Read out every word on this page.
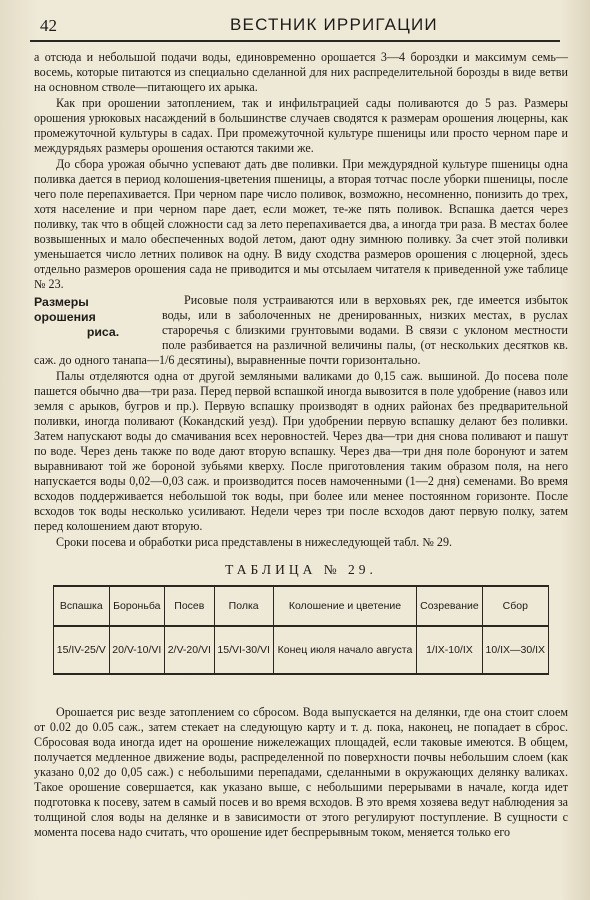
42	ВЕСТНИК ИРРИГАЦИИ

а отсюда и небольшой подачи воды, единовременно орошается 3—4 бороздки и максимум семь—восемь, которые питаются из специально сделанной для них распределительной борозды в виде ветви на основном стволе—питающего их арыка.

Как при орошении затоплением, так и инфильтрацией сады поливаются до 5 раз. Размеры орошения урюковых насаждений в большинстве случаев сводятся к размерам орошения люцерны, как промежуточной культуры в садах. При промежуточной культуре пшеницы или просто черном паре и междурядьях размеры орошения остаются такими же.

До сбора урожая обычно успевают дать две поливки. При междурядной культуре пшеницы одна поливка дается в период колошения-цветения пшеницы, а вторая тотчас после уборки пшеницы, после чего поле перепахивается. При черном паре число поливок, возможно, несомненно, понизить до трех, хотя население и при черном паре дает, если может, те-же пять поливок. Вспашка дается через поливку, так что в общей сложности сад за лето перепахивается два, а иногда три раза. В местах более возвышенных и мало обеспеченных водой летом, дают одну зимнюю поливку. За счет этой поливки уменьшается число летних поливок на одну. В виду сходства размеров орошения с люцерной, здесь отдельно размеров орошения сада не приводится и мы отсылаем читателя к приведенной уже таблице № 23.

Размеры орошения
риса.

Рисовые поля устраиваются или в верховьях рек, где имеется избыток воды, или в заболоченных не дренированных, низких местах, в руслах староречья с близкими грунтовыми водами. В связи с уклоном местности поле разбивается на различной величины палы, (от нескольких десятков кв. саж. до одного танапа—1/6 десятины), выравненные почти горизонтально.

Палы отделяются одна от другой земляными валиками до 0,15 саж. вышиной. До посева поле пашется обычно два—три раза. Перед первой вспашкой иногда вывозится в поле удобрение (навоз или земля с арыков, бугров и пр.). Первую вспашку производят в одних районах без предварительной поливки, иногда поливают (Кокандский уезд). При удобрении первую вспашку делают без поливки. Затем напускают воды до смачивания всех неровностей. Через два—три дня снова поливают и пашут по воде. Через день также по воде дают вторую вспашку. Через два—три дня поле боронуют и затем выравнивают той же бороной зубьями кверху. После приготовления таким образом поля, на него напускается воды 0,02—0,03 саж. и производится посев намоченными (1—2 дня) семенами. Во время всходов поддерживается небольшой ток воды, при более или менее постоянном горизонте. После всходов ток воды несколько усиливают. Недели через три после всходов дают первую полку, затем перед колошением дают вторую.

Сроки посева и обработки риса представлены в нижеследующей табл. № 29.

ТАБЛИЦА № 29.
Вспашка	Бороньба	Посев	Полка	Колошение и цветение	Созревание	Сбор
15/IV-25/V	20/V-10/VI	2/V-20/VI	15/VI-30/VI	Конец июля начало августа	1/IX-10/IX	10/IX—30/IX

Орошается рис везде затоплением со сбросом. Вода выпускается на делянки, где она стоит слоем от 0.02 до 0.05 саж., затем стекает на следующую карту и т. д. пока, наконец, не попадает в сброс. Сбросовая вода иногда идет на орошение нижележащих площадей, если таковые имеются. В общем, получается медленное движение воды, распределенной по поверхности почвы небольшим слоем (как указано 0,02 до 0,05 саж.) с небольшими перепадами, сделанными в окружающих делянку валиках. Такое орошение совершается, как указано выше, с небольшими перерывами в начале, когда идет подготовка к посеву, затем в самый посев и во время всходов. В это время хозяева ведут наблюдения за толщиной слоя воды на делянке и в зависимости от этого регулируют поступление. В сущности с момента посева надо считать, что орошение идет беспрерывным током, меняется только его
